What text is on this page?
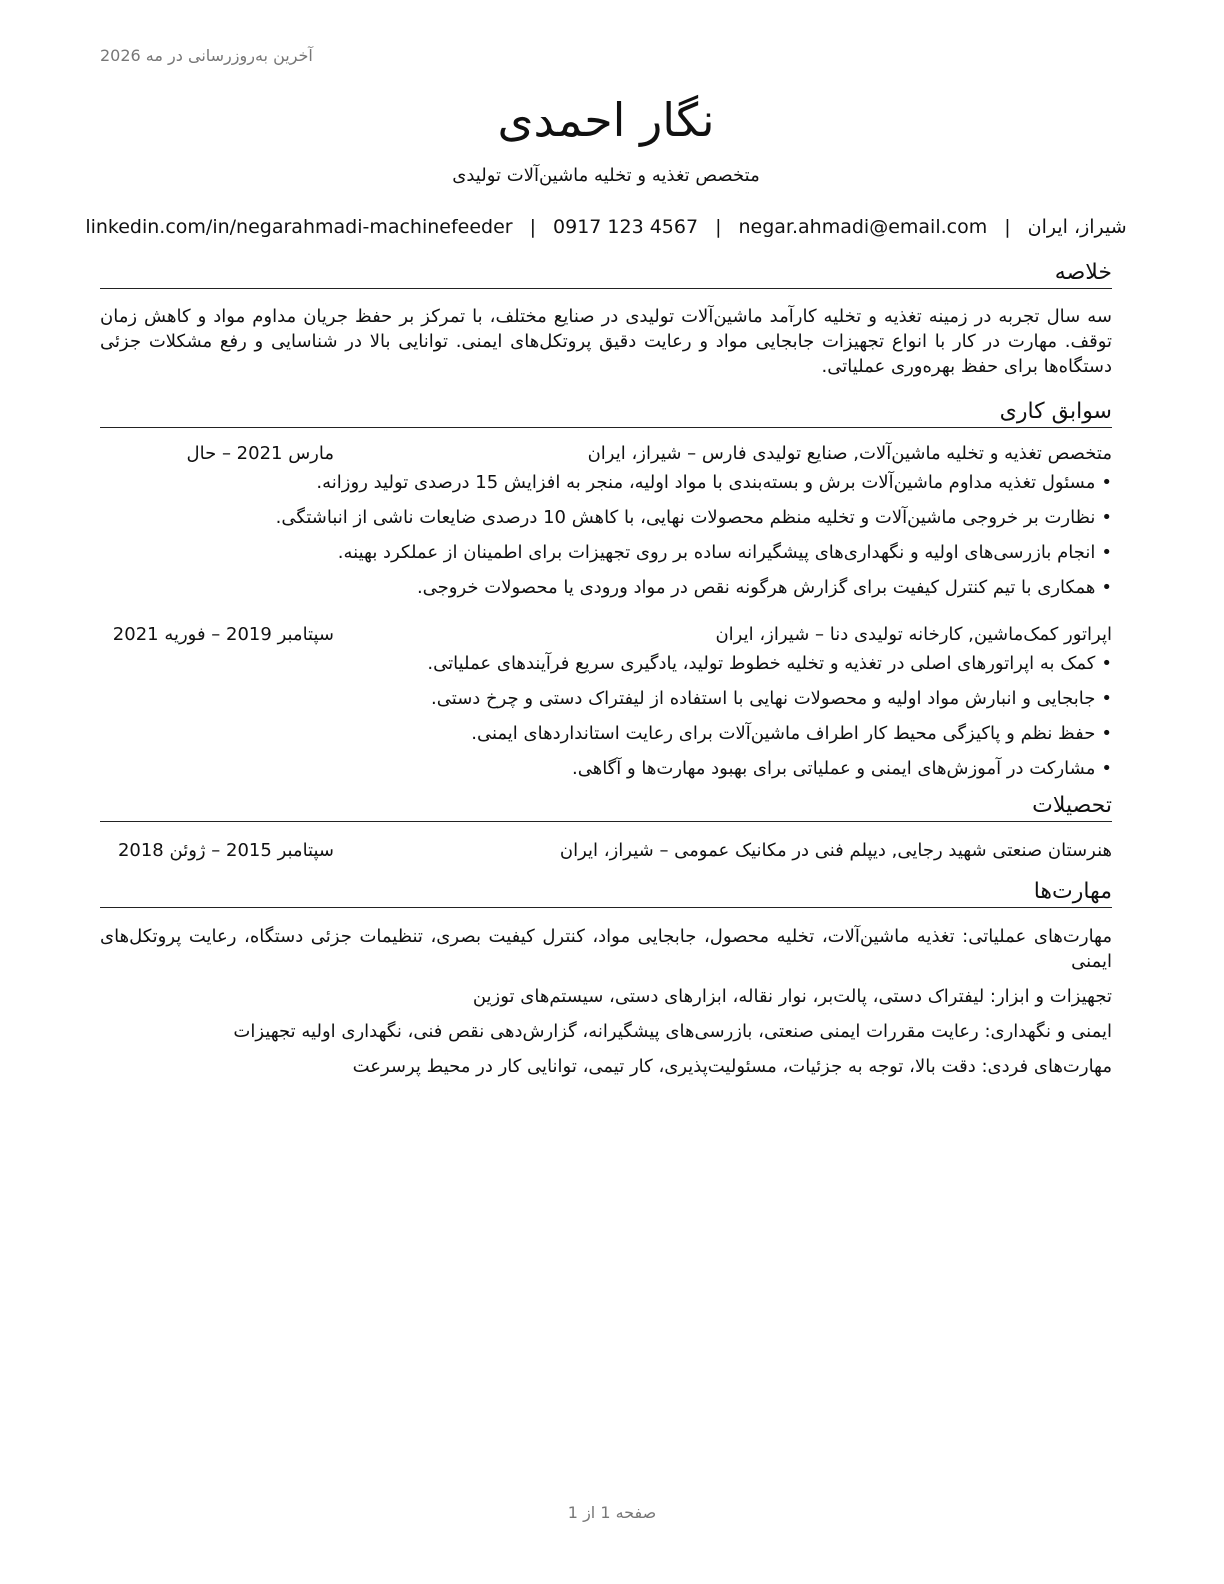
آخرین به‌روزرسانی در مه 2026
نگار احمدی
متخصص تغذیه و تخلیه ماشین‌آلات تولیدی
شیراز، ایران
|
negar.ahmadi@email.com
|
0917 123 4567
|
linkedin.com/in/negarahmadi-machinefeeder
خلاصه

سه سال تجربه در زمینه تغذیه و تخلیه کارآمد ماشین‌آلات تولیدی در صنایع مختلف، با تمرکز بر حفظ جریان مداوم مواد و کاهش زمان توقف. مهارت در کار با انواع تجهیزات جابجایی مواد و رعایت دقیق پروتکل‌های ایمنی. توانایی بالا در شناسایی و رفع مشکلات جزئی دستگاه‌ها برای حفظ بهره‌وری عملیاتی.

سوابق کاری
متخصص تغذیه و تخلیه ماشین‌آلات, صنایع تولیدی فارس – شیراز، ایران
مارس 2021 – حال
•مسئول تغذیه مداوم ماشین‌آلات برش و بسته‌بندی با مواد اولیه، منجر به افزایش 15 درصدی تولید روزانه.
•نظارت بر خروجی ماشین‌آلات و تخلیه منظم محصولات نهایی، با کاهش 10 درصدی ضایعات ناشی از انباشتگی.
•انجام بازرسی‌های اولیه و نگهداری‌های پیشگیرانه ساده بر روی تجهیزات برای اطمینان از عملکرد بهینه.
•همکاری با تیم کنترل کیفیت برای گزارش هرگونه نقص در مواد ورودی یا محصولات خروجی.
اپراتور کمک‌ماشین, کارخانه تولیدی دنا – شیراز، ایران
سپتامبر 2019 – فوریه 2021
•کمک به اپراتورهای اصلی در تغذیه و تخلیه خطوط تولید، یادگیری سریع فرآیندهای عملیاتی.
•جابجایی و انبارش مواد اولیه و محصولات نهایی با استفاده از لیفتراک دستی و چرخ دستی.
•حفظ نظم و پاکیزگی محیط کار اطراف ماشین‌آلات برای رعایت استانداردهای ایمنی.
•مشارکت در آموزش‌های ایمنی و عملیاتی برای بهبود مهارت‌ها و آگاهی.
تحصیلات
هنرستان صنعتی شهید رجایی, دیپلم فنی در مکانیک عمومی – شیراز، ایران
سپتامبر 2015 – ژوئن 2018
مهارت‌ها

مهارت‌های عملیاتی: تغذیه ماشین‌آلات، تخلیه محصول، جابجایی مواد، کنترل کیفیت بصری، تنظیمات جزئی دستگاه، رعایت پروتکل‌های ایمنی

تجهیزات و ابزار: لیفتراک دستی، پالت‌بر، نوار نقاله، ابزارهای دستی، سیستم‌های توزین

ایمنی و نگهداری: رعایت مقررات ایمنی صنعتی، بازرسی‌های پیشگیرانه، گزارش‌دهی نقص فنی، نگهداری اولیه تجهیزات

مهارت‌های فردی: دقت بالا، توجه به جزئیات، مسئولیت‌پذیری، کار تیمی، توانایی کار در محیط پرسرعت

صفحه 1 از 1
